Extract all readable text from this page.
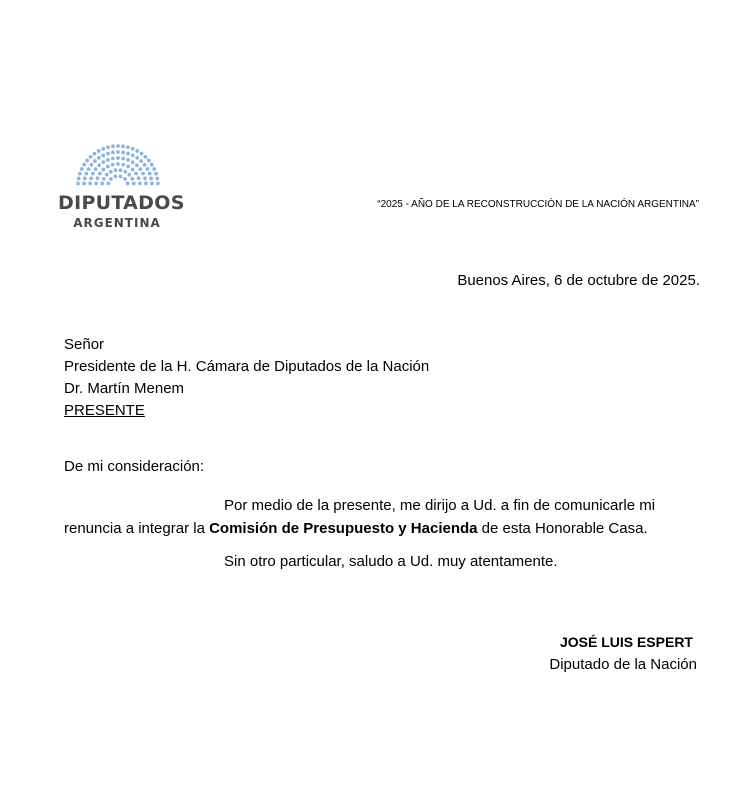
DIPUTADOS
ARGENTINA
“2025 - AÑO DE LA RECONSTRUCCIÓN DE LA NACIÓN ARGENTINA”
Buenos Aires, 6 de octubre de 2025.
Señor
Presidente de la H. Cámara de Diputados de la Nación
Dr. Martín Menem
PRESENTE
De mi consideración:
Por medio de la presente, me dirijo a Ud. a fin de comunicarle mi
renuncia a integrar la Comisión de Presupuesto y Hacienda de esta Honorable Casa.
Sin otro particular, saludo a Ud. muy atentamente.
JOSÉ LUIS ESPERT
Diputado de la Nación
